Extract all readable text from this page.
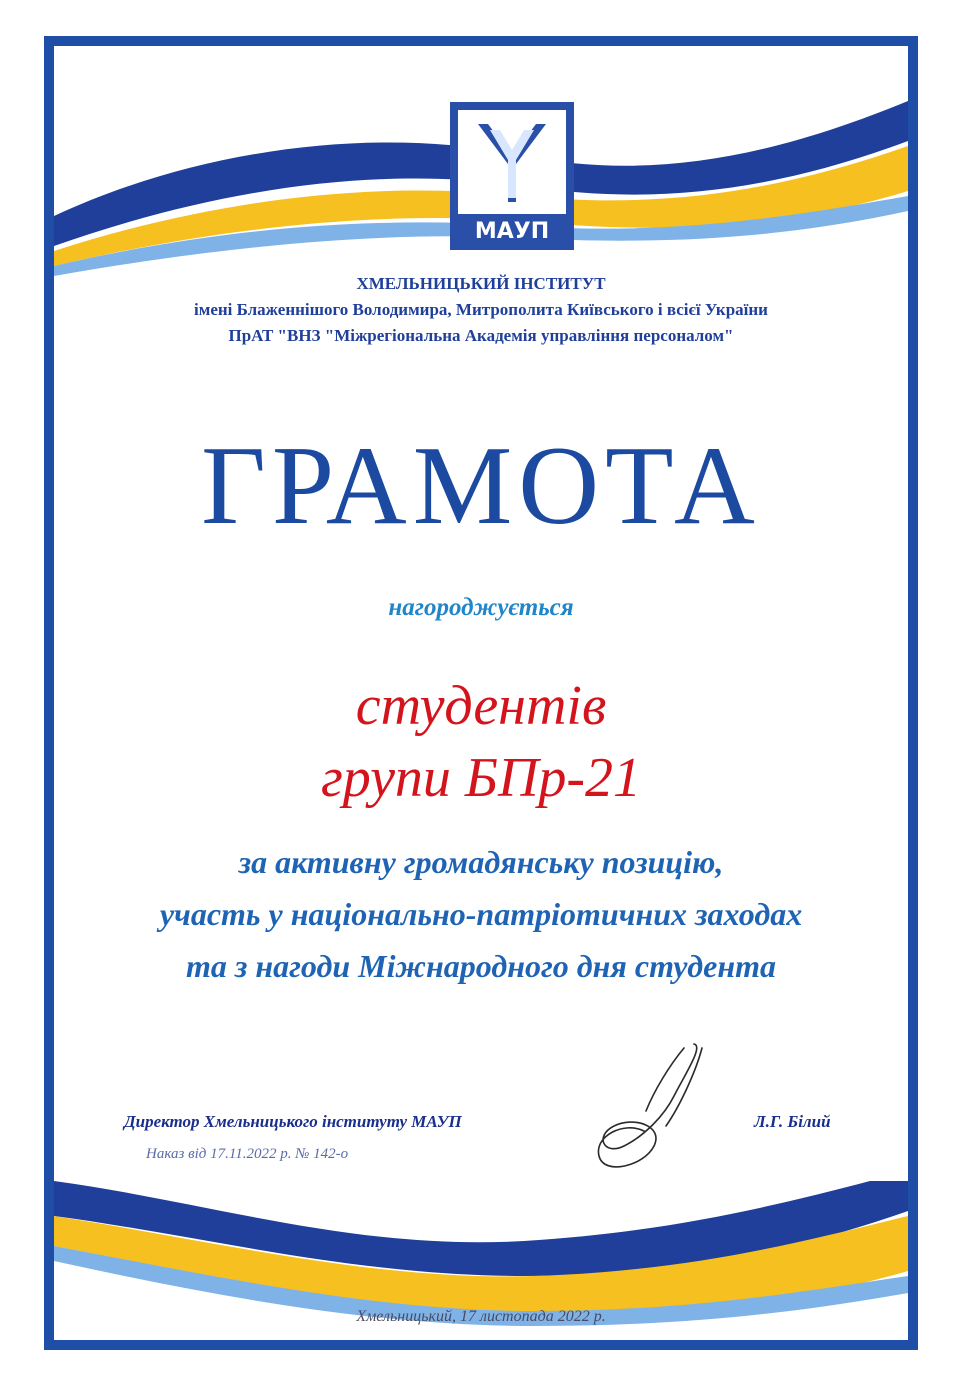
МАУП
ХМЕЛЬНИЦЬКИЙ ІНСТИТУТ
імені Блаженнішого Володимира, Митрополита Київського і всієї України
ПрАТ "ВНЗ "Міжрегіональна Академія управління персоналом"
ГРАМОТА
нагороджується
студентів
групи БПр-21
за активну громадянську позицію,
участь у національно-патріотичних заходах
та з нагоди Міжнародного дня студента
Директор Хмельницького інституту МАУП
Наказ від 17.11.2022 р. № 142-о
Л.Г. Білий
Хмельницький, 17 листопада 2022 р.
